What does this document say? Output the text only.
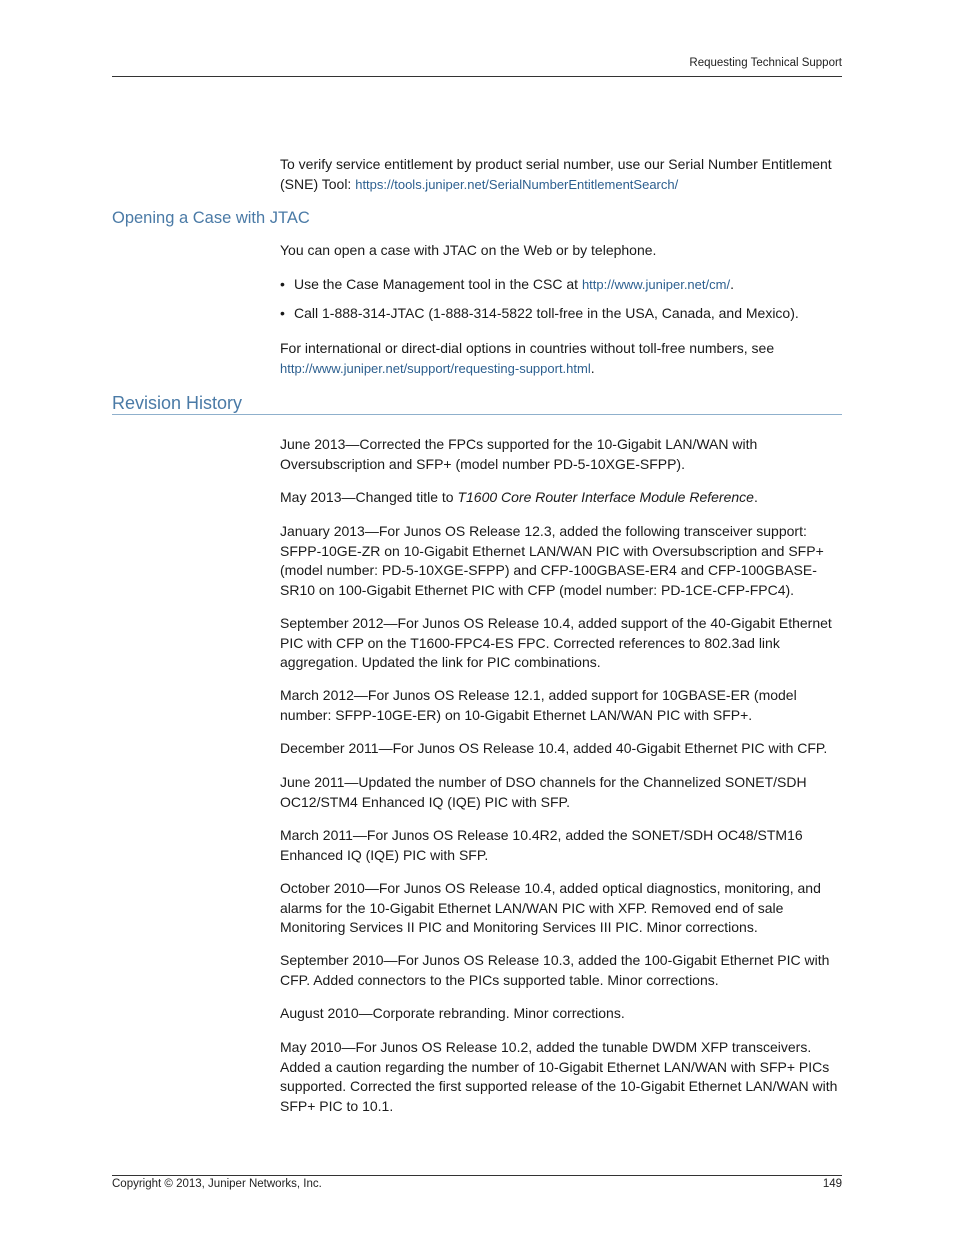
Requesting Technical Support
To verify service entitlement by product serial number, use our Serial Number Entitlement (SNE) Tool: https://tools.juniper.net/SerialNumberEntitlementSearch/
Opening a Case with JTAC
You can open a case with JTAC on the Web or by telephone.
• Use the Case Management tool in the CSC at http://www.juniper.net/cm/.
• Call 1-888-314-JTAC (1-888-314-5822 toll-free in the USA, Canada, and Mexico).
For international or direct-dial options in countries without toll-free numbers, see
http://www.juniper.net/support/requesting-support.html.
Revision History
June 2013—Corrected the FPCs supported for the 10-Gigabit LAN/WAN with Oversubscription and SFP+ (model number PD-5-10XGE-SFPP).
May 2013—Changed title to T1600 Core Router Interface Module Reference.
January 2013—For Junos OS Release 12.3, added the following transceiver support: SFPP-10GE-ZR on 10-Gigabit Ethernet LAN/WAN PIC with Oversubscription and SFP+ (model number: PD-5-10XGE-SFPP) and CFP-100GBASE-ER4 and CFP-100GBASE-SR10 on 100-Gigabit Ethernet PIC with CFP (model number: PD-1CE-CFP-FPC4).
September 2012—For Junos OS Release 10.4, added support of the 40-Gigabit Ethernet PIC with CFP on the T1600-FPC4-ES FPC. Corrected references to 802.3ad link aggregation. Updated the link for PIC combinations.
March 2012—For Junos OS Release 12.1, added support for 10GBASE-ER (model number: SFPP-10GE-ER) on 10-Gigabit Ethernet LAN/WAN PIC with SFP+.
December 2011—For Junos OS Release 10.4, added 40-Gigabit Ethernet PIC with CFP.
June 2011—Updated the number of DSO channels for the Channelized SONET/SDH OC12/STM4 Enhanced IQ (IQE) PIC with SFP.
March 2011—For Junos OS Release 10.4R2, added the SONET/SDH OC48/STM16 Enhanced IQ (IQE) PIC with SFP.
October 2010—For Junos OS Release 10.4, added optical diagnostics, monitoring, and alarms for the 10-Gigabit Ethernet LAN/WAN PIC with XFP. Removed end of sale Monitoring Services II PIC and Monitoring Services III PIC. Minor corrections.
September 2010—For Junos OS Release 10.3, added the 100-Gigabit Ethernet PIC with CFP. Added connectors to the PICs supported table. Minor corrections.
August 2010—Corporate rebranding. Minor corrections.
May 2010—For Junos OS Release 10.2, added the tunable DWDM XFP transceivers. Added a caution regarding the number of 10-Gigabit Ethernet LAN/WAN with SFP+ PICs supported. Corrected the first supported release of the 10-Gigabit Ethernet LAN/WAN with SFP+ PIC to 10.1.
Copyright © 2013, Juniper Networks, Inc.	149
